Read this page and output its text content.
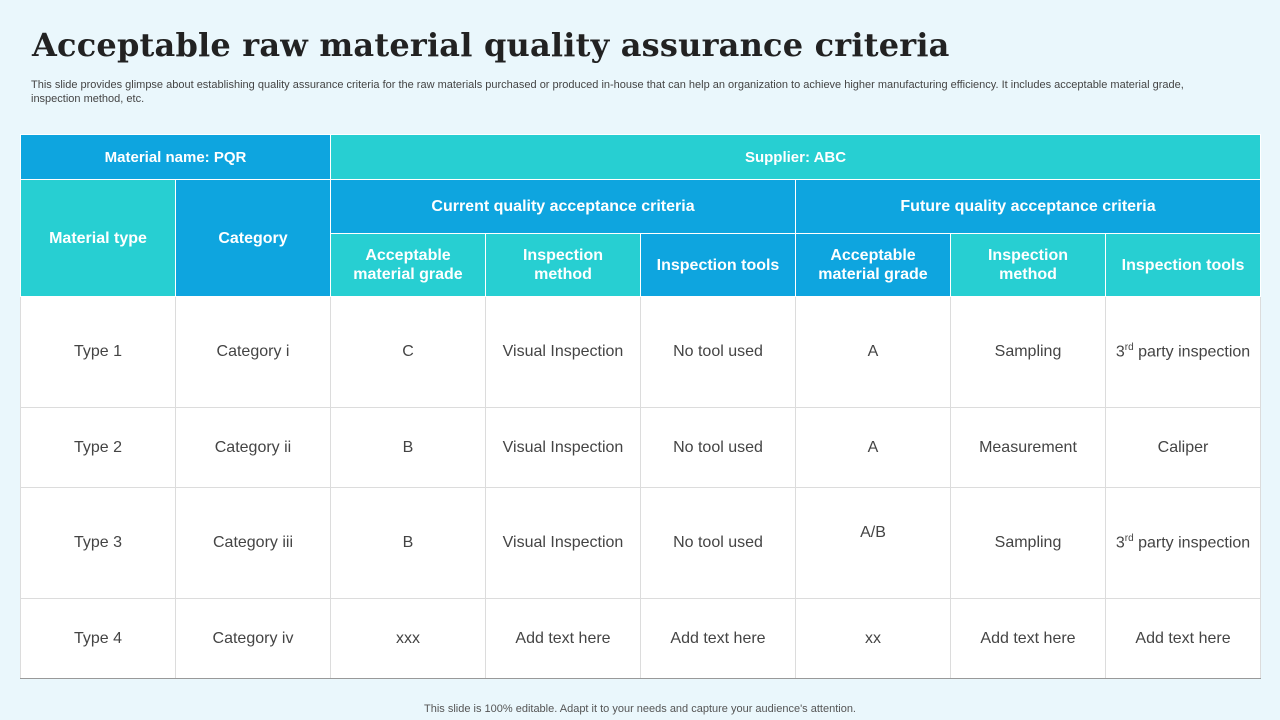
Acceptable raw material quality assurance criteria
This slide provides glimpse about establishing quality assurance criteria for the raw materials purchased or produced in-house that can help an organization to achieve higher manufacturing efficiency. It includes acceptable material grade, inspection method, etc.
Material name: PQR		Supplier: ABC					
Material type	Category	Current quality acceptance criteria			Future quality acceptance criteria		
		Acceptable material grade	Inspection method	Inspection tools	Acceptable material grade	Inspection method	Inspection tools
Type 1	Category i	C	Visual Inspection	No tool used	A	Sampling	3rd party inspection
Type 2	Category ii	B	Visual Inspection	No tool used	A	Measurement	Caliper
Type 3	Category iii	B	Visual Inspection	No tool used	A/B	Sampling	3rd party inspection
Type 4	Category iv	xxx	Add text here	Add text here	xx	Add text here	Add text here
This slide is 100% editable. Adapt it to your needs and capture your audience's attention.
